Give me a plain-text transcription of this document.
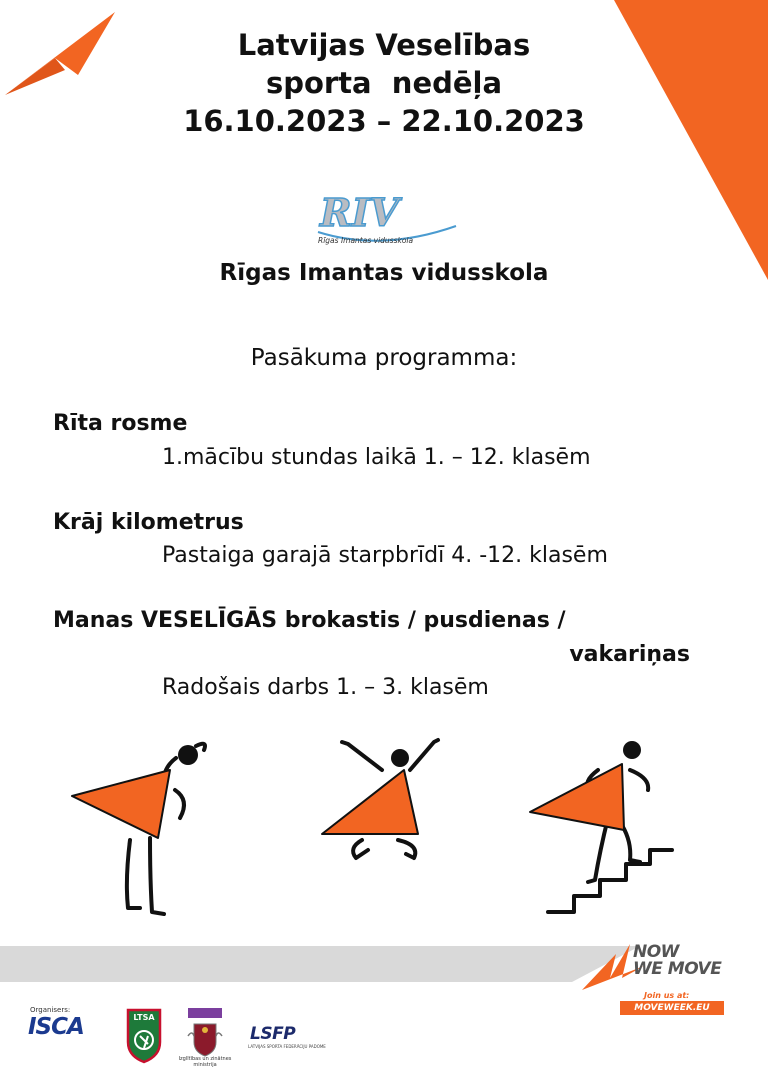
Latvijas Veselības
sporta  nedēļa
16.10.2023 – 22.10.2023
RIV
Rīgas Imantas vidusskola
Rīgas Imantas vidusskola
Pasākuma programma:
Rīta rosme
1.mācību stundas laikā 1. – 12. klasēm
Krāj kilometrus
Pastaiga garajā starpbrīdī 4. -12. klasēm
Manas VESELĪGĀS brokastis / pusdienas /
vakariņas
Radošais darbs 1. – 3. klasēm
NOW
WE MOVE
Join us at:
MOVEWEEK.EU
Organisers:
ISCA	LTSA
Izglītības un zinātnes ministrija
LSFP
LATVIJAS SPORTA FEDERĀCIJU PADOME
